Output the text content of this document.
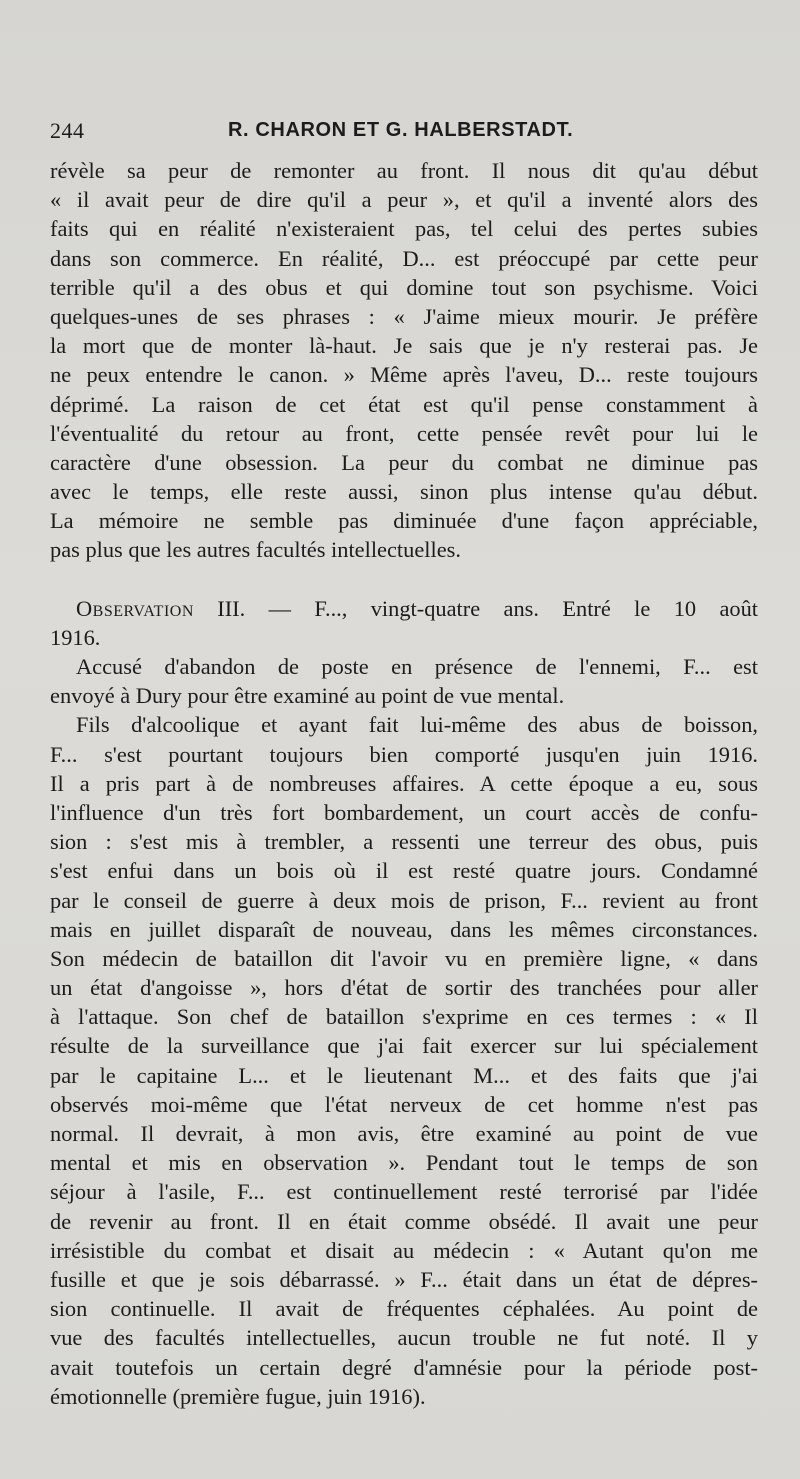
244	R. CHARON ET G. HALBERSTADT.
révèle sa peur de remonter au front. Il nous dit qu'au début
« il avait peur de dire qu'il a peur », et qu'il a inventé alors des
faits qui en réalité n'existeraient pas, tel celui des pertes subies
dans son commerce. En réalité, D... est préoccupé par cette peur
terrible qu'il a des obus et qui domine tout son psychisme. Voici
quelques-unes de ses phrases : « J'aime mieux mourir. Je préfère
la mort que de monter là-haut. Je sais que je n'y resterai pas. Je
ne peux entendre le canon. » Même après l'aveu, D... reste toujours
déprimé. La raison de cet état est qu'il pense constamment à
l'éventualité du retour au front, cette pensée revêt pour lui le
caractère d'une obsession. La peur du combat ne diminue pas
avec le temps, elle reste aussi, sinon plus intense qu'au début.
La mémoire ne semble pas diminuée d'une façon appréciable,
pas plus que les autres facultés intellectuelles.
Observation III. — F..., vingt-quatre ans. Entré le 10 août
1916.
Accusé d'abandon de poste en présence de l'ennemi, F... est
envoyé à Dury pour être examiné au point de vue mental.
Fils d'alcoolique et ayant fait lui-même des abus de boisson,
F... s'est pourtant toujours bien comporté jusqu'en juin 1916.
Il a pris part à de nombreuses affaires. A cette époque a eu, sous
l'influence d'un très fort bombardement, un court accès de confu-
sion : s'est mis à trembler, a ressenti une terreur des obus, puis
s'est enfui dans un bois où il est resté quatre jours. Condamné
par le conseil de guerre à deux mois de prison, F... revient au front
mais en juillet disparaît de nouveau, dans les mêmes circonstances.
Son médecin de bataillon dit l'avoir vu en première ligne, « dans
un état d'angoisse », hors d'état de sortir des tranchées pour aller
à l'attaque. Son chef de bataillon s'exprime en ces termes : « Il
résulte de la surveillance que j'ai fait exercer sur lui spécialement
par le capitaine L... et le lieutenant M... et des faits que j'ai
observés moi-même que l'état nerveux de cet homme n'est pas
normal. Il devrait, à mon avis, être examiné au point de vue
mental et mis en observation ». Pendant tout le temps de son
séjour à l'asile, F... est continuellement resté terrorisé par l'idée
de revenir au front. Il en était comme obsédé. Il avait une peur
irrésistible du combat et disait au médecin : « Autant qu'on me
fusille et que je sois débarrassé. » F... était dans un état de dépres-
sion continuelle. Il avait de fréquentes céphalées. Au point de
vue des facultés intellectuelles, aucun trouble ne fut noté. Il y
avait toutefois un certain degré d'amnésie pour la période post-
émotionnelle (première fugue, juin 1916).
